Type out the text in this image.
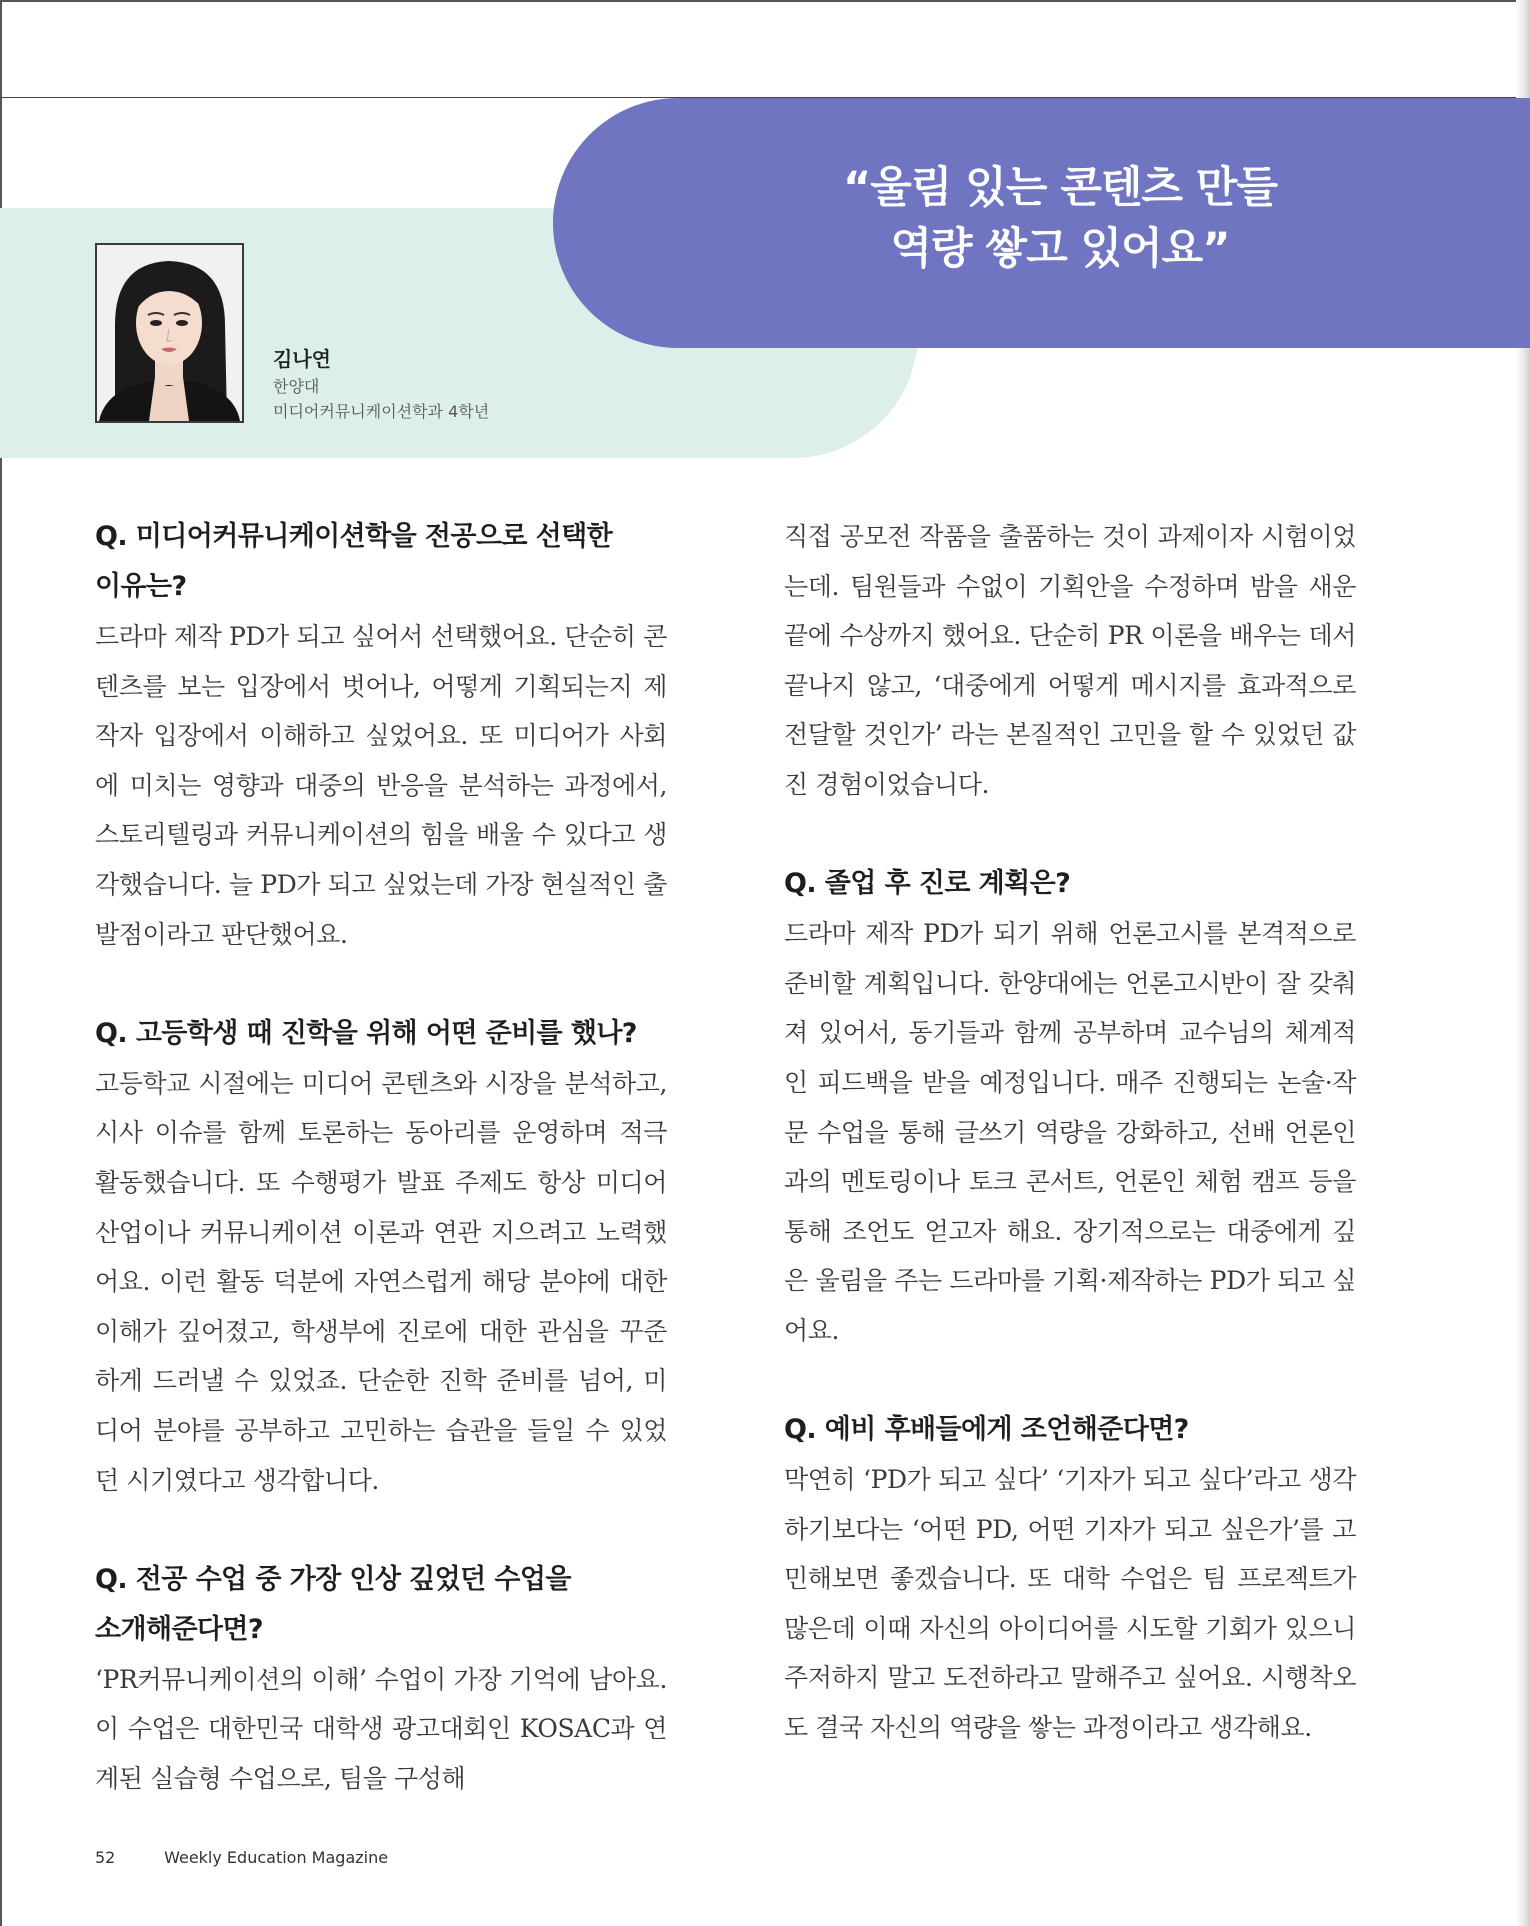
“울림 있는 콘텐츠 만들
역량 쌓고 있어요”
김나연
한양대
미디어커뮤니케이션학과 4학년
Q. 미디어커뮤니케이션학을 전공으로 선택한 이유는?
드라마 제작 PD가 되고 싶어서 선택했어요. 단순히 콘텐츠를 보는 입장에서 벗어나, 어떻게 기획되는지 제작자 입장에서 이해하고 싶었어요. 또 미디어가 사회에 미치는 영향과 대중의 반응을 분석하는 과정에서, 스토리텔링과 커뮤니케이션의 힘을 배울 수 있다고 생각했습니다. 늘 PD가 되고 싶었는데 가장 현실적인 출발점이라고 판단했어요.
Q. 고등학생 때 진학을 위해 어떤 준비를 했나?
고등학교 시절에는 미디어 콘텐츠와 시장을 분석하고, 시사 이슈를 함께 토론하는 동아리를 운영하며 적극 활동했습니다. 또 수행평가 발표 주제도 항상 미디어 산업이나 커뮤니케이션 이론과 연관 지으려고 노력했어요. 이런 활동 덕분에 자연스럽게 해당 분야에 대한 이해가 깊어졌고, 학생부에 진로에 대한 관심을 꾸준하게 드러낼 수 있었죠. 단순한 진학 준비를 넘어, 미디어 분야를 공부하고 고민하는 습관을 들일 수 있었던 시기였다고 생각합니다.
Q. 전공 수업 중 가장 인상 깊었던 수업을 소개해준다면?
‘PR커뮤니케이션의 이해’ 수업이 가장 기억에 남아요. 이 수업은 대한민국 대학생 광고대회인 KOSAC과 연계된 실습형 수업으로, 팀을 구성해
직접 공모전 작품을 출품하는 것이 과제이자 시험이었는데. 팀원들과 수없이 기획안을 수정하며 밤을 새운 끝에 수상까지 했어요. 단순히 PR 이론을 배우는 데서 끝나지 않고, ‘대중에게 어떻게 메시지를 효과적으로 전달할 것인가’ 라는 본질적인 고민을 할 수 있었던 값진 경험이었습니다.
Q. 졸업 후 진로 계획은?
드라마 제작 PD가 되기 위해 언론고시를 본격적으로 준비할 계획입니다. 한양대에는 언론고시반이 잘 갖춰져 있어서, 동기들과 함께 공부하며 교수님의 체계적인 피드백을 받을 예정입니다. 매주 진행되는 논술·작문 수업을 통해 글쓰기 역량을 강화하고, 선배 언론인과의 멘토링이나 토크 콘서트, 언론인 체험 캠프 등을 통해 조언도 얻고자 해요. 장기적으로는 대중에게 깊은 울림을 주는 드라마를 기획·제작하는 PD가 되고 싶어요.
Q. 예비 후배들에게 조언해준다면?
막연히 ‘PD가 되고 싶다’ ‘기자가 되고 싶다’라고 생각하기보다는 ‘어떤 PD, 어떤 기자가 되고 싶은가’를 고민해보면 좋겠습니다. 또 대학 수업은 팀 프로젝트가 많은데 이때 자신의 아이디어를 시도할 기회가 있으니 주저하지 말고 도전하라고 말해주고 싶어요. 시행착오도 결국 자신의 역량을 쌓는 과정이라고 생각해요.
52	Weekly Education Magazine
